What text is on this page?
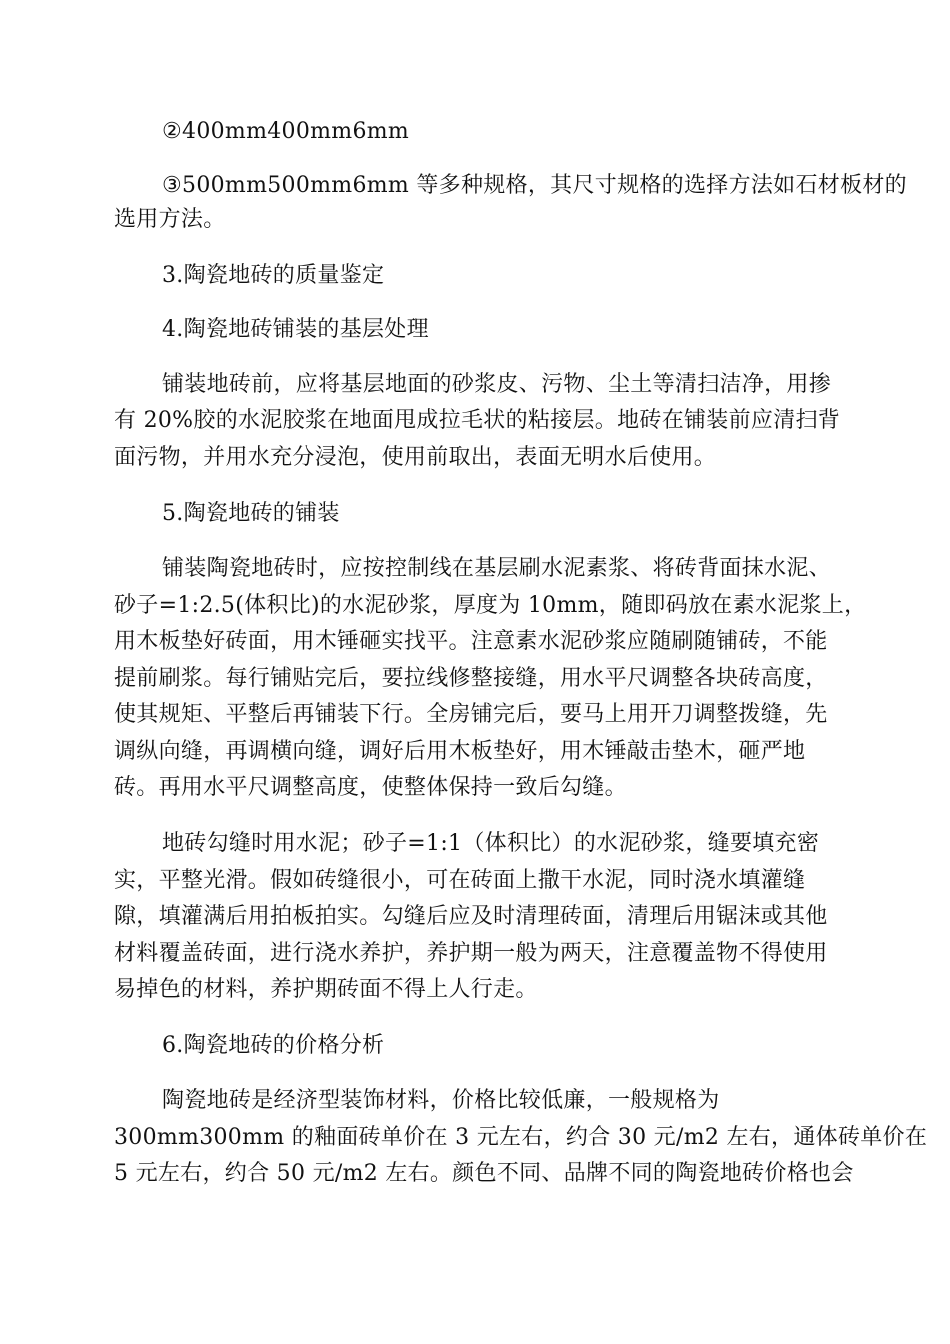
②400mm400mm6mm
③500mm500mm6mm 等多种规格，其尺寸规格的选择方法如石材板材的
选用方法。
3.陶瓷地砖的质量鉴定
4.陶瓷地砖铺装的基层处理
铺装地砖前，应将基层地面的砂浆皮、污物、尘土等清扫洁净，用掺
有 20%胶的水泥胶浆在地面甩成拉毛状的粘接层。地砖在铺装前应清扫背
面污物，并用水充分浸泡，使用前取出，表面无明水后使用。
5.陶瓷地砖的铺装
铺装陶瓷地砖时，应按控制线在基层刷水泥素浆、将砖背面抹水泥、
砂子=1:2.5(体积比)的水泥砂浆，厚度为 10mm，随即码放在素水泥浆上，
用木板垫好砖面，用木锤砸实找平。注意素水泥砂浆应随刷随铺砖，不能
提前刷浆。每行铺贴完后，要拉线修整接缝，用水平尺调整各块砖高度，
使其规矩、平整后再铺装下行。全房铺完后，要马上用开刀调整拨缝，先
调纵向缝，再调横向缝，调好后用木板垫好，用木锤敲击垫木，砸严地
砖。再用水平尺调整高度，使整体保持一致后勾缝。
地砖勾缝时用水泥；砂子=1:1（体积比）的水泥砂浆，缝要填充密
实，平整光滑。假如砖缝很小，可在砖面上撒干水泥，同时浇水填灌缝
隙，填灌满后用拍板拍实。勾缝后应及时清理砖面，清理后用锯沫或其他
材料覆盖砖面，进行浇水养护，养护期一般为两天，注意覆盖物不得使用
易掉色的材料，养护期砖面不得上人行走。
6.陶瓷地砖的价格分析
陶瓷地砖是经济型装饰材料，价格比较低廉，一般规格为
300mm300mm 的釉面砖单价在 3 元左右，约合 30 元/m2 左右，通体砖单价在
5 元左右，约合 50 元/m2 左右。颜色不同、品牌不同的陶瓷地砖价格也会
